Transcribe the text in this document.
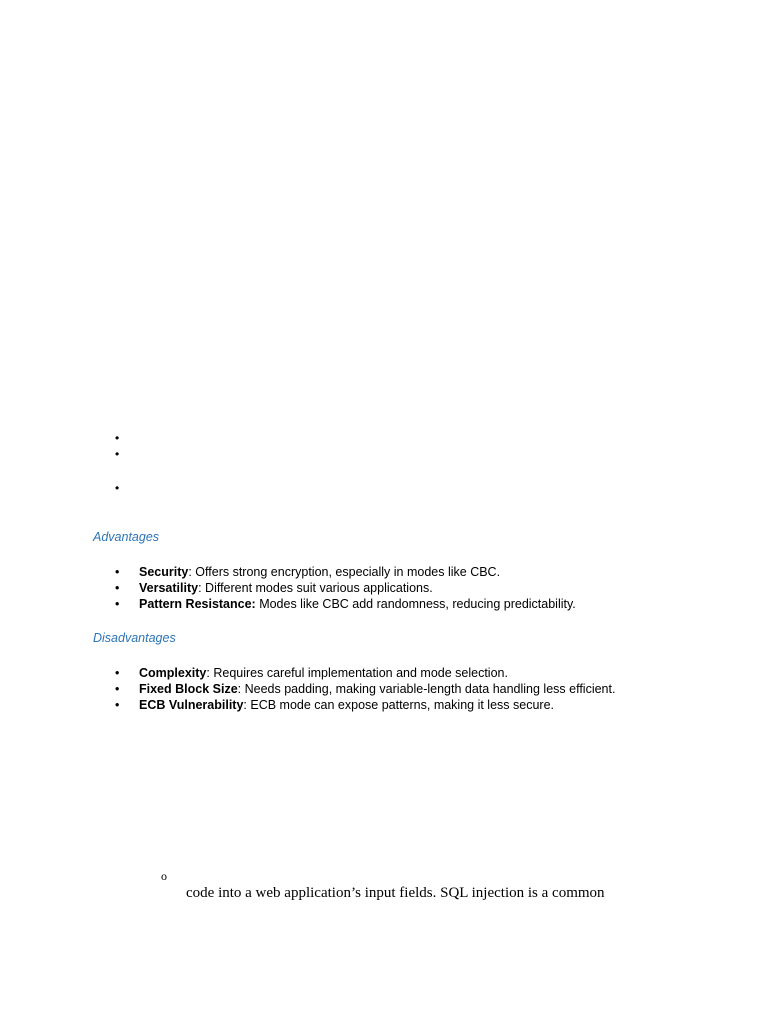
•
•
•
Advantages
• Security: Offers strong encryption, especially in modes like CBC.
• Versatility: Different modes suit various applications.
• Pattern Resistance: Modes like CBC add randomness, reducing predictability.
Disadvantages
• Complexity: Requires careful implementation and mode selection.
• Fixed Block Size: Needs padding, making variable-length data handling less efficient.
• ECB Vulnerability: ECB mode can expose patterns, making it less secure.
o
code into a web application’s input fields. SQL injection is a common
